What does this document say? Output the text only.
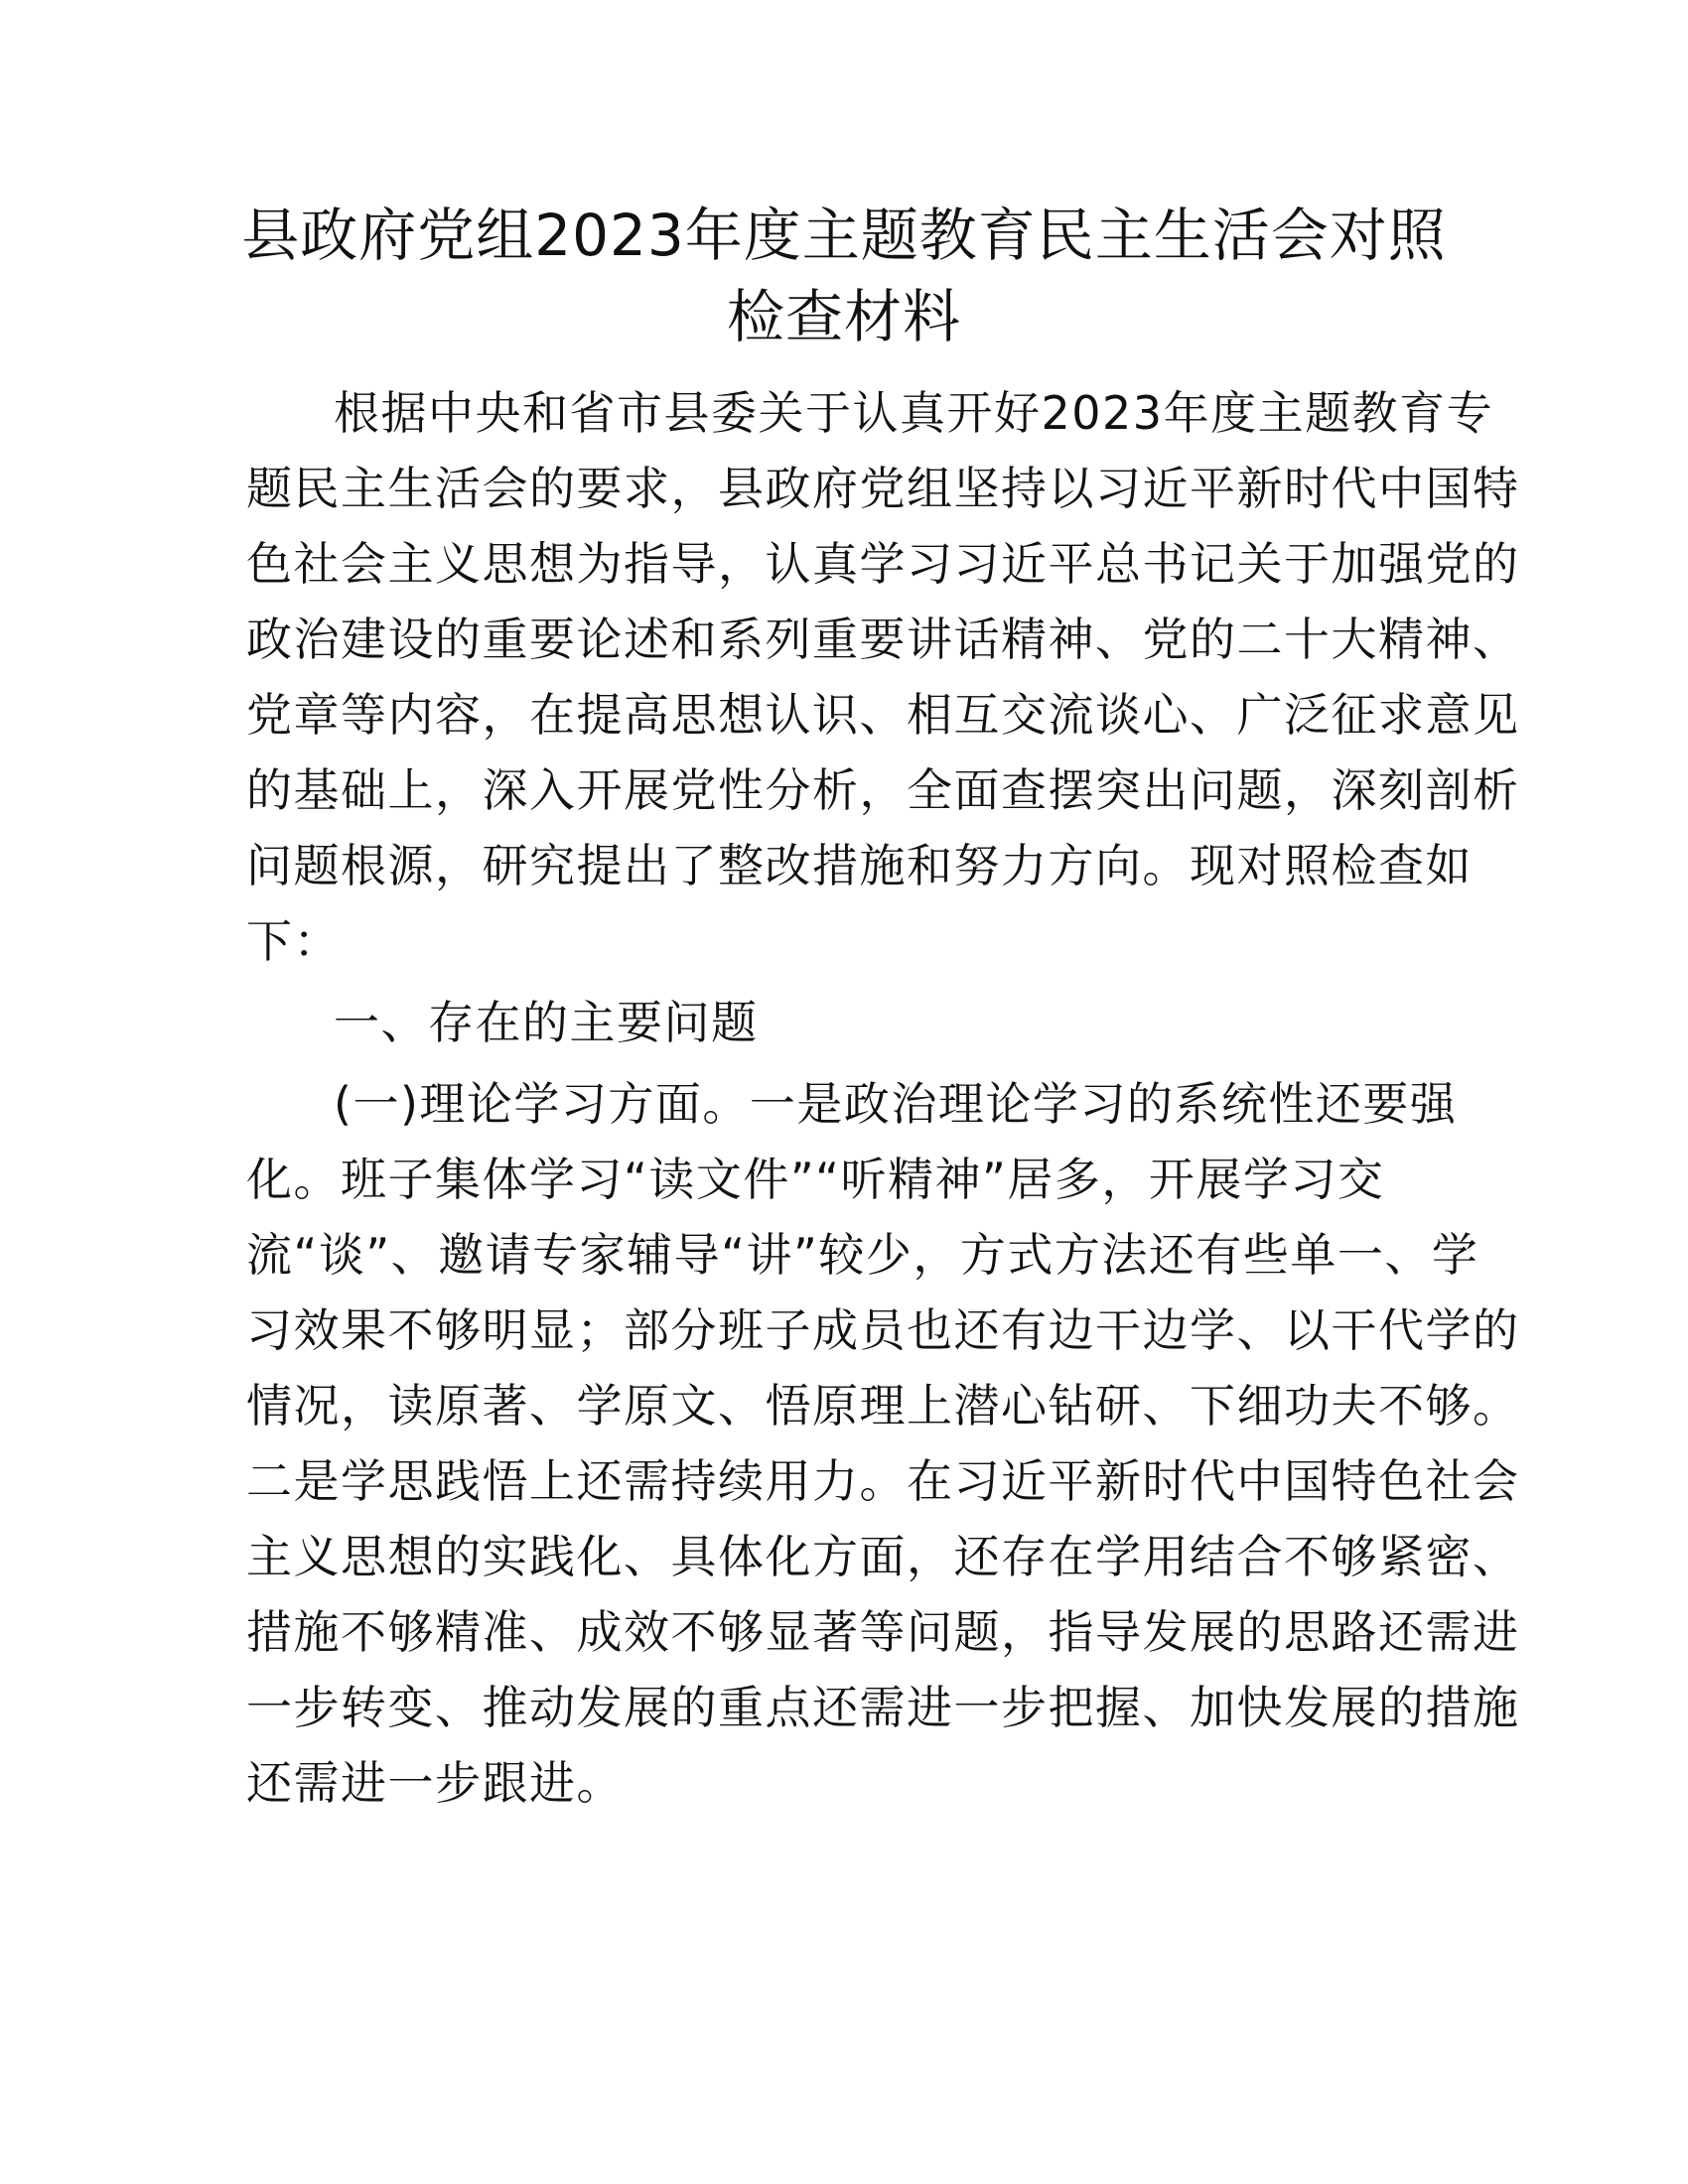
县政府党组2023年度主题教育民主生活会对照
检查材料
根据中央和省市县委关于认真开好2023年度主题教育专
题民主生活会的要求，县政府党组坚持以习近平新时代中国特
色社会主义思想为指导，认真学习习近平总书记关于加强党的
政治建设的重要论述和系列重要讲话精神、党的二十大精神、
党章等内容，在提高思想认识、相互交流谈心、广泛征求意见
的基础上，深入开展党性分析，全面查摆突出问题，深刻剖析
问题根源，研究提出了整改措施和努力方向。现对照检查如
下：
一、存在的主要问题
(一)理论学习方面。一是政治理论学习的系统性还要强
化。班子集体学习“读文件”“听精神”居多，开展学习交
流“谈”、邀请专家辅导“讲”较少，方式方法还有些单一、学
习效果不够明显；部分班子成员也还有边干边学、以干代学的
情况，读原著、学原文、悟原理上潜心钻研、下细功夫不够。
二是学思践悟上还需持续用力。在习近平新时代中国特色社会
主义思想的实践化、具体化方面，还存在学用结合不够紧密、
措施不够精准、成效不够显著等问题，指导发展的思路还需进
一步转变、推动发展的重点还需进一步把握、加快发展的措施
还需进一步跟进。
